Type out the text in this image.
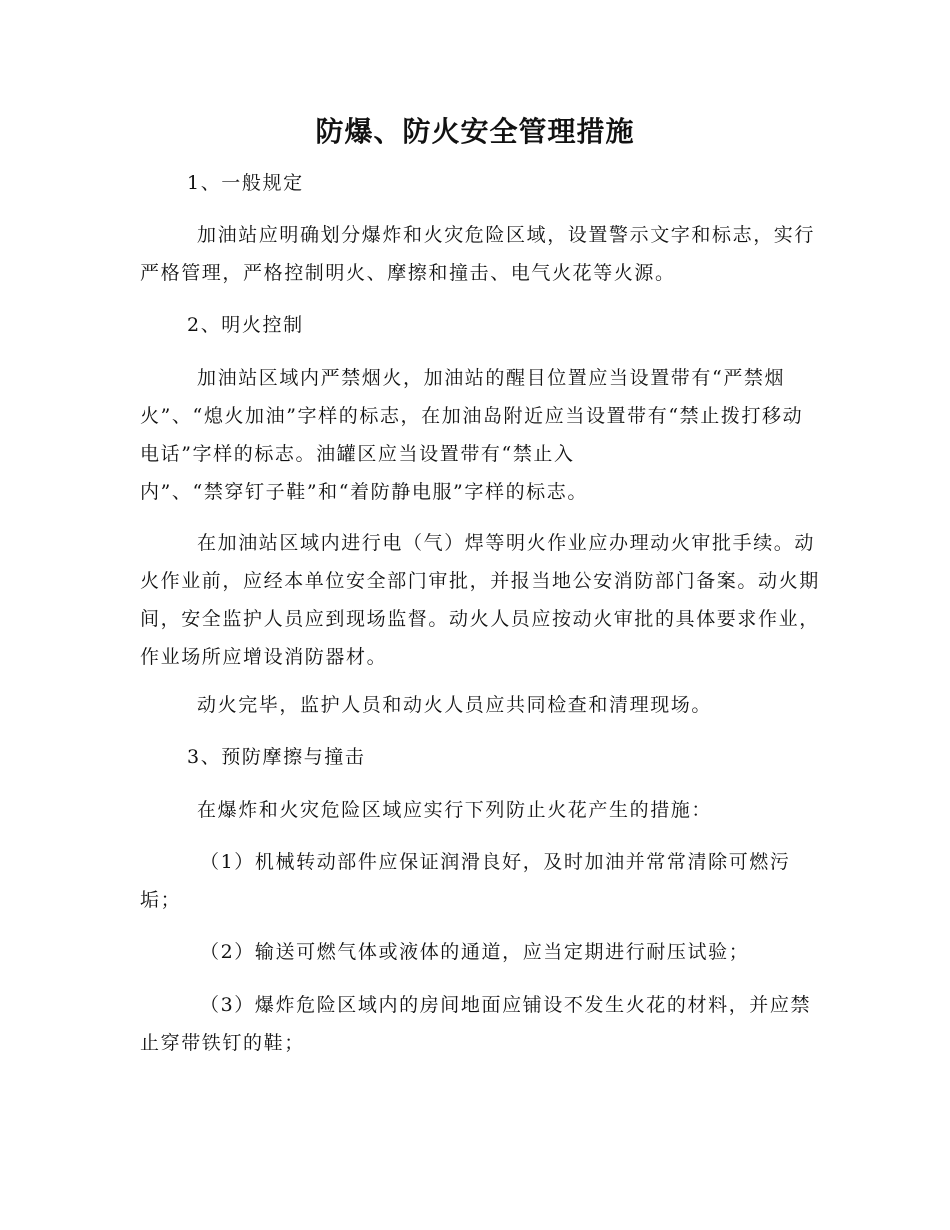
防爆、防火安全管理措施
1、一般规定
加油站应明确划分爆炸和火灾危险区域，设置警示文字和标志，实行严格管理，严格控制明火、摩擦和撞击、电气火花等火源。
2、明火控制
加油站区域内严禁烟火，加油站的醒目位置应当设置带有“严禁烟火”、“熄火加油”字样的标志，在加油岛附近应当设置带有“禁止拨打移动电话”字样的标志。油罐区应当设置带有“禁止入
内”、“禁穿钉子鞋”和“着防静电服”字样的标志。
在加油站区域内进行电（气）焊等明火作业应办理动火审批手续。动火作业前，应经本单位安全部门审批，并报当地公安消防部门备案。动火期间，安全监护人员应到现场监督。动火人员应按动火审批的具体要求作业，作业场所应增设消防器材。
动火完毕，监护人员和动火人员应共同检查和清理现场。
3、预防摩擦与撞击
在爆炸和火灾危险区域应实行下列防止火花产生的措施：
（1）机械转动部件应保证润滑良好，及时加油并常常清除可燃污垢；
（2）输送可燃气体或液体的通道，应当定期进行耐压试验；
（3）爆炸危险区域内的房间地面应铺设不发生火花的材料，并应禁止穿带铁钉的鞋；
